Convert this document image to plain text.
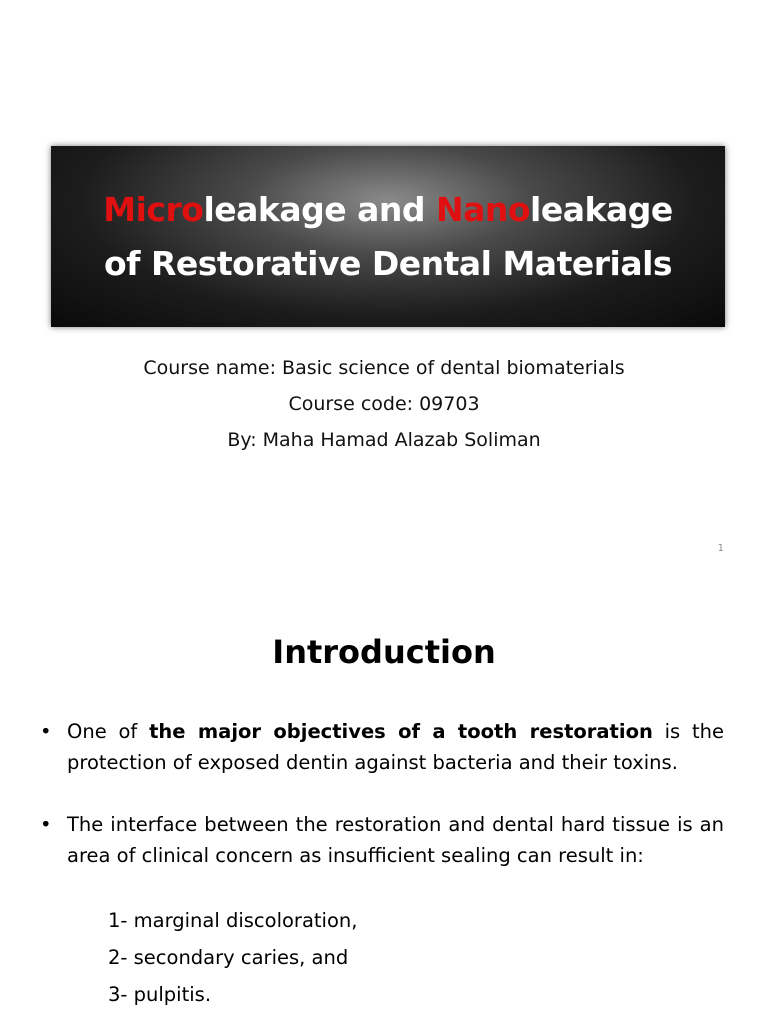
Microleakage and Nanoleakage
of Restorative Dental Materials
Course name: Basic science of dental biomaterials
Course code: 09703
By: Maha Hamad Alazab Soliman
1
Introduction
• One of the major objectives of a tooth restoration is the protection of exposed dentin against bacteria and their toxins.
• The interface between the restoration and dental hard tissue is an area of clinical concern as insufficient sealing can result in:
1- marginal discoloration,
2- secondary caries, and
3- pulpitis.
